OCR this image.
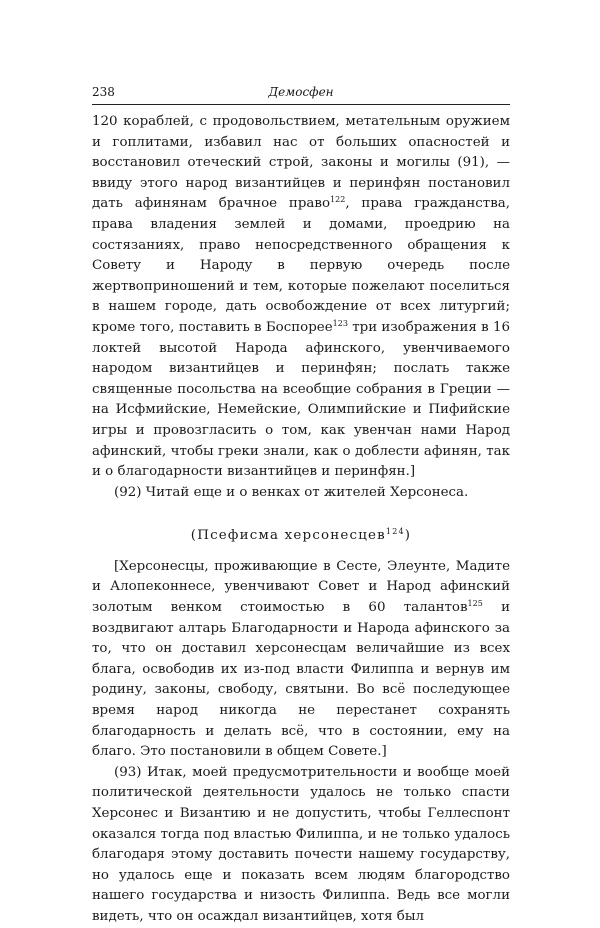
238	Демосфен

120 кораблей, с продовольствием, метательным оружием и гоплитами, избавил нас от больших опасностей и восстановил отеческий строй, законы и могилы (91), — ввиду этого народ византийцев и перинфян постановил дать афинянам брачное право$^{122}$, права гражданства, права владения землей и домами, проедрию на состязаниях, право непосредственного обращения к Совету и Народу в первую очередь после жертвоприношений и тем, которые пожелают поселиться в нашем городе, дать освобождение от всех литургий; кроме того, поставить в Боспорее$^{123}$ три изображения в 16 локтей высотой Народа афинского, увенчиваемого народом византийцев и перинфян; послать также священные посольства на всеобщие собрания в Греции — на Исфмийские, Немейские, Олимпийские и Пифийские игры и провозгласить о том, как увенчан нами Народ афинский, чтобы греки знали, как о доблести афинян, так и о благодарности византийцев и перинфян.]

(92) Читай еще и о венках от жителей Херсонеса.

(Псефисма херсонесцев$^{124}$)

[Херсонесцы, проживающие в Сесте, Элеунте, Мадите и Алопеконнесе, увенчивают Совет и Народ афинский золотым венком стоимостью в 60 талантов$^{125}$ и воздвигают алтарь Благодарности и Народа афинского за то, что он доставил херсонесцам величайшие из всех блага, освободив их из-под власти Филиппа и вернув им родину, законы, свободу, святыни. Во всё последующее время народ никогда не перестанет сохранять благодарность и делать всё, что в состоянии, ему на благо. Это постановили в общем Совете.]

(93) Итак, моей предусмотрительности и вообще моей политической деятельности удалось не только спасти Херсонес и Византию и не допустить, чтобы Геллеспонт оказался тогда под властью Филиппа, и не только удалось благодаря этому доставить почести нашему государству, но удалось еще и показать всем людям благородство нашего государства и низость Филиппа. Ведь все могли видеть, что он осаждал византийцев, хотя был
